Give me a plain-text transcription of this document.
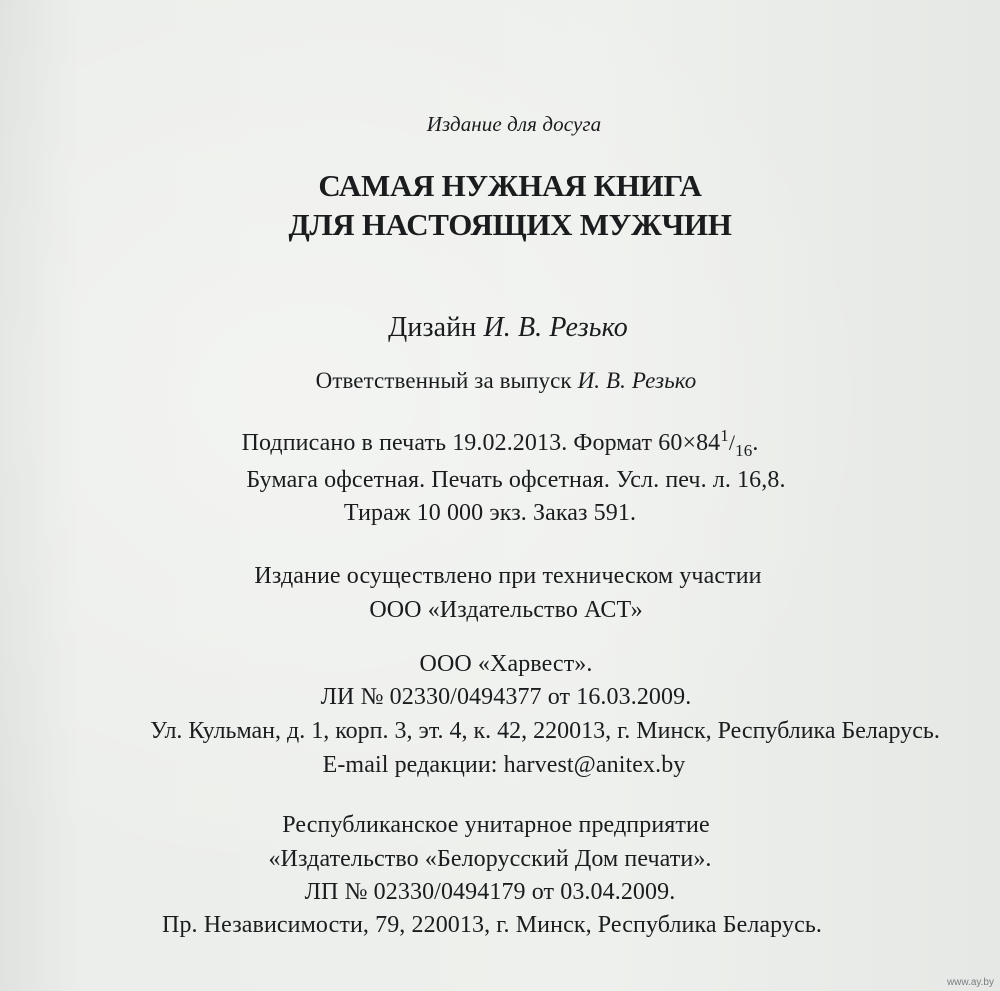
Издание для досуга
САМАЯ НУЖНАЯ КНИГА
ДЛЯ НАСТОЯЩИХ МУЖЧИН
Дизайн И. В. Резько
Ответственный за выпуск И. В. Резько
Подписано в печать 19.02.2013. Формат $60\times 84^1/_{16}$.
Бумага офсетная. Печать офсетная. Усл. печ. л. 16,8.
Тираж 10 000 экз. Заказ 591.
Издание осуществлено при техническом участии
ООО «Издательство АСТ»
ООО «Харвест».
ЛИ № 02330/0494377 от 16.03.2009.
Ул. Кульман, д. 1, корп. 3, эт. 4, к. 42, 220013, г. Минск, Республика Беларусь.
E-mail редакции: harvest@anitex.by
Республиканское унитарное предприятие
«Издательство «Белорусский Дом печати».
ЛП № 02330/0494179 от 03.04.2009.
Пр. Независимости, 79, 220013, г. Минск, Республика Беларусь.
www.ay.by
